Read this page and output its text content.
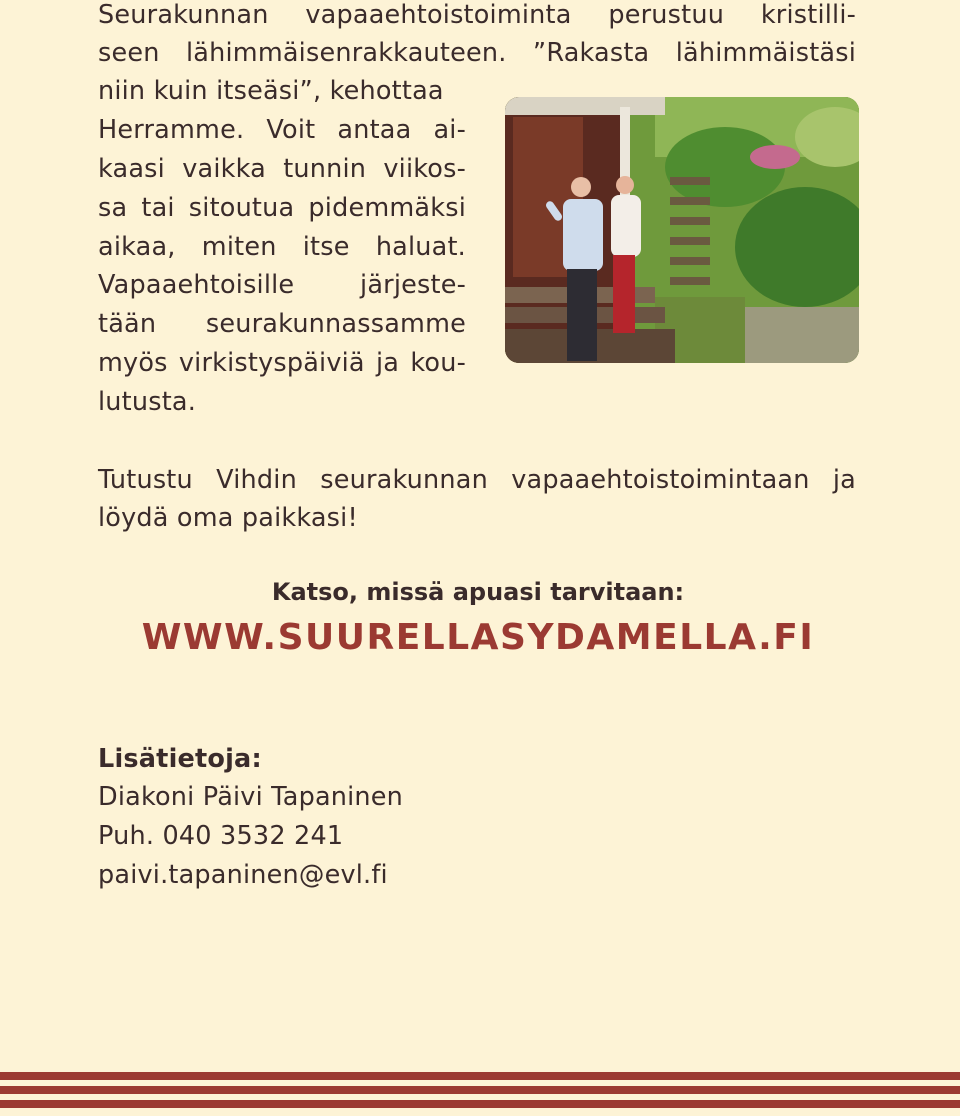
Seurakunnan vapaaehtoistoiminta perustuu kristilli-
seen lähimmäisenrakkauteen. ”Rakasta lähimmäistäsi
niin kuin itseäsi”, kehottaa
Herramme. Voit antaa ai-
kaasi vaikka tunnin viikos-
sa tai sitoutua pidemmäksi
aikaa, miten itse haluat.
Vapaaehtoisille järjeste-
tään seurakunnassamme
myös virkistyspäiviä ja kou-
lutusta.
Tutustu Vihdin seurakunnan vapaaehtoistoimintaan ja
löydä oma paikkasi!
Katso, missä apuasi tarvitaan:
WWW.SUURELLASYDAMELLA.FI
Lisätietoja:
Diakoni Päivi Tapaninen
Puh. 040 3532 241
paivi.tapaninen@evl.fi
